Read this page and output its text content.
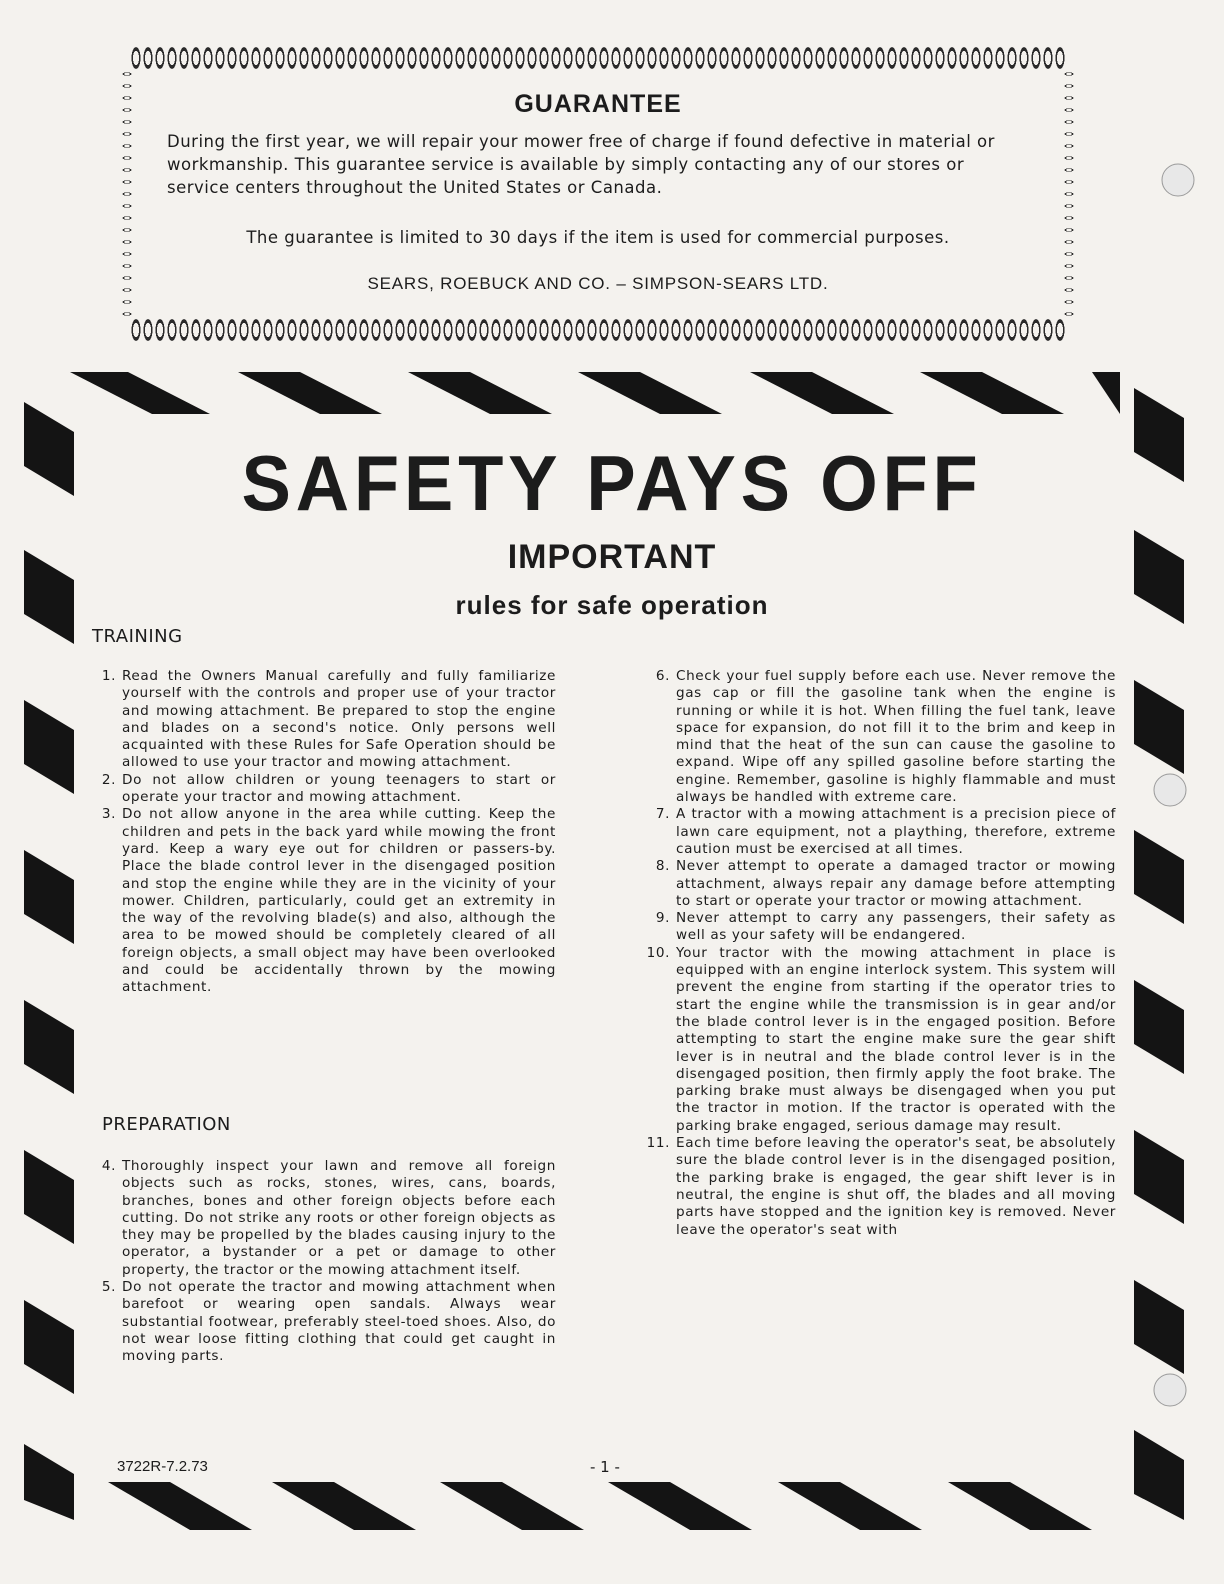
GUARANTEE
During the first year, we will repair your mower free of charge if found defective in material or workmanship. This guarantee service is available by simply contacting any of our stores or service centers throughout the United States or Canada.
The guarantee is limited to 30 days if the item is used for commercial purposes.
SEARS, ROEBUCK AND CO. – SIMPSON-SEARS LTD.
SAFETY PAYS OFF
IMPORTANT
rules for safe operation
TRAINING
1. Read the Owners Manual carefully and fully familiarize yourself with the controls and proper use of your tractor and mowing attachment. Be prepared to stop the engine and blades on a second's notice. Only persons well acquainted with these Rules for Safe Operation should be allowed to use your tractor and mowing attachment.
2. Do not allow children or young teenagers to start or operate your tractor and mowing attachment.
3. Do not allow anyone in the area while cutting. Keep the children and pets in the back yard while mowing the front yard. Keep a wary eye out for children or passers-by. Place the blade control lever in the disengaged position and stop the engine while they are in the vicinity of your mower. Children, particularly, could get an extremity in the way of the revolving blade(s) and also, although the area to be mowed should be completely cleared of all foreign objects, a small object may have been overlooked and could be accidentally thrown by the mowing attachment.
PREPARATION
4. Thoroughly inspect your lawn and remove all foreign objects such as rocks, stones, wires, cans, boards, branches, bones and other foreign objects before each cutting. Do not strike any roots or other foreign objects as they may be propelled by the blades causing injury to the operator, a bystander or a pet or damage to other property, the tractor or the mowing attachment itself.
5. Do not operate the tractor and mowing attachment when barefoot or wearing open sandals. Always wear substantial footwear, preferably steel-toed shoes. Also, do not wear loose fitting clothing that could get caught in moving parts.
6. Check your fuel supply before each use. Never remove the gas cap or fill the gasoline tank when the engine is running or while it is hot. When filling the fuel tank, leave space for expansion, do not fill it to the brim and keep in mind that the heat of the sun can cause the gasoline to expand. Wipe off any spilled gasoline before starting the engine. Remember, gasoline is highly flammable and must always be handled with extreme care.
7. A tractor with a mowing attachment is a precision piece of lawn care equipment, not a plaything, therefore, extreme caution must be exercised at all times.
8. Never attempt to operate a damaged tractor or mowing attachment, always repair any damage before attempting to start or operate your tractor or mowing attachment.
9. Never attempt to carry any passengers, their safety as well as your safety will be endangered.
10. Your tractor with the mowing attachment in place is equipped with an engine interlock system. This system will prevent the engine from starting if the operator tries to start the engine while the transmission is in gear and/or the blade control lever is in the engaged position. Before attempting to start the engine make sure the gear shift lever is in neutral and the blade control lever is in the disengaged position, then firmly apply the foot brake. The parking brake must always be disengaged when you put the tractor in motion. If the tractor is operated with the parking brake engaged, serious damage may result.
11. Each time before leaving the operator's seat, be absolutely sure the blade control lever is in the disengaged position, the parking brake is engaged, the gear shift lever is in neutral, the engine is shut off, the blades and all moving parts have stopped and the ignition key is removed. Never leave the operator's seat with
3722R-7.2.73	- 1 -
